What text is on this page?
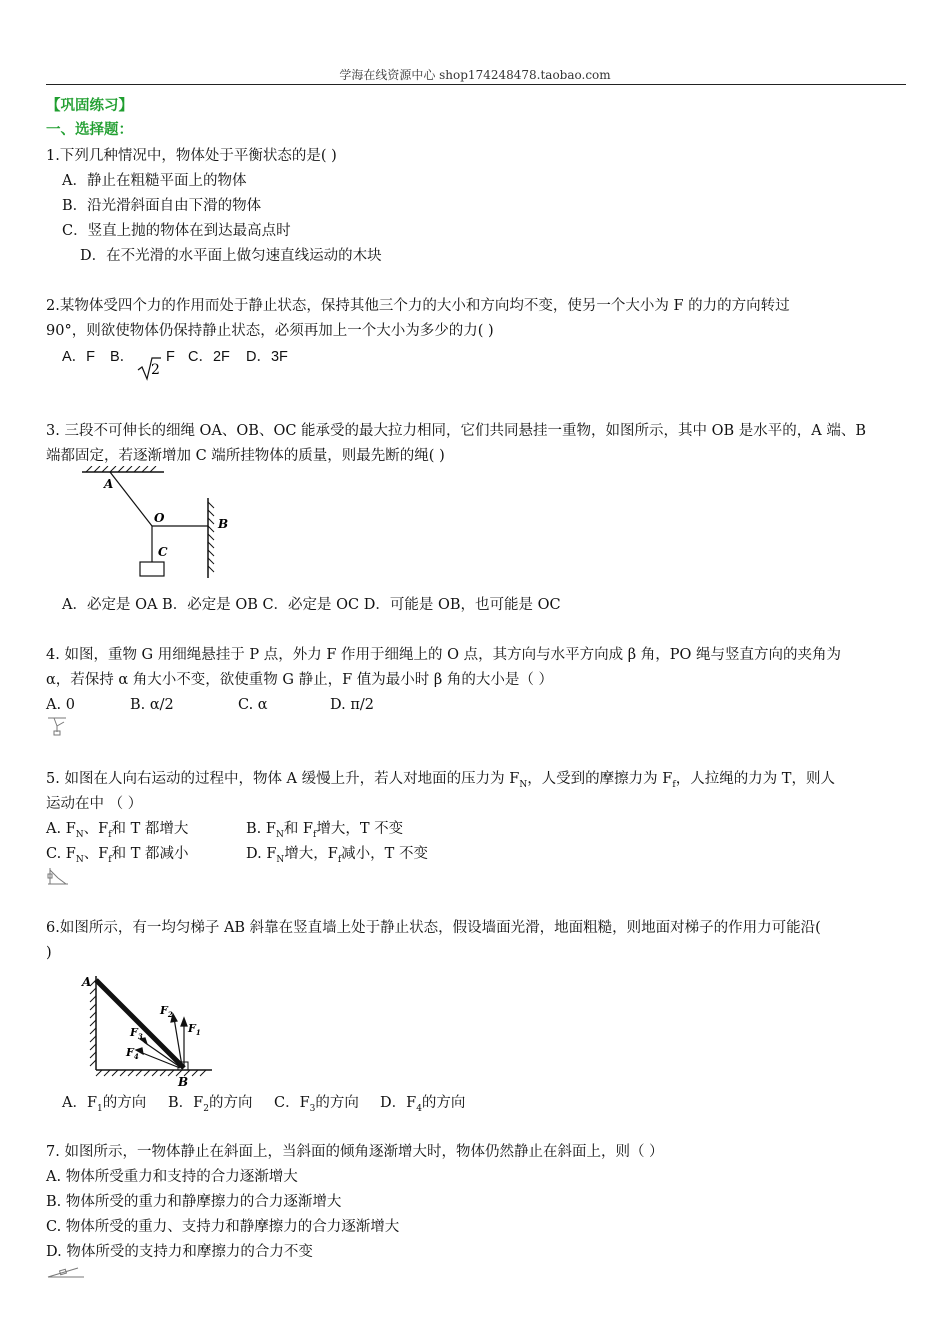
学海在线资源中心 shop174248478.taobao.com
【巩固练习】
一、选择题：
1.下列几种情况中，物体处于平衡状态的是( )
A．静止在粗糙平面上的物体
B．沿光滑斜面自由下滑的物体
C．竖直上抛的物体在到达最高点时
D．在不光滑的水平面上做匀速直线运动的木块
2.某物体受四个力的作用而处于静止状态，保持其他三个力的大小和方向均不变，使另一个大小为 F 的力的方向转过
90°，则欲使物体仍保持静止状态，必须再加上一个大小为多少的力( )
A．F B．
2
F C．2F D．3F
3. 三段不可伸长的细绳 OA、OB、OC 能承受的最大拉力相同，它们共同悬挂一重物，如图所示，其中 OB 是水平的，A 端、B
端都固定，若逐渐增加 C 端所挂物体的质量，则最先断的绳( )
A
O	B
C
A．必定是 OA B．必定是 OB C．必定是 OC D．可能是 OB，也可能是 OC
4. 如图，重物 G 用细绳悬挂于 P 点，外力 F 作用于细绳上的 O 点，其方向与水平方向成 β 角，PO 绳与竖直方向的夹角为
α，若保持 α 角大小不变，欲使重物 G 静止，F 值为最小时 β 角的大小是（ ）
A. 0	B. α/2	C. α	D. π/2
5. 如图在人向右运动的过程中，物体 A 缓慢上升，若人对地面的压力为 $F_N$，人受到的摩擦力为 $F_f$，人拉绳的力为 T，则人
运动在中 （ ）
A. $F_N$、$F_f$和 T 都增大	B. $F_N$和 $F_f$增大，T 不变
C. $F_N$、$F_f$和 T 都减小	D. $F_N$增大，$F_f$减小，T 不变
6.如图所示，有一均匀梯子 AB 斜靠在竖直墙上处于静止状态，假设墙面光滑，地面粗糙，则地面对梯子的作用力可能沿(
)
A
B
$F_1$
$F_2$
$F_3$
$F_4$
A．$F_1$的方向 B．$F_2$的方向 C．$F_3$的方向 D．$F_4$的方向
7. 如图所示，一物体静止在斜面上，当斜面的倾角逐渐增大时，物体仍然静止在斜面上，则（ ）
A. 物体所受重力和支持的合力逐渐增大
B. 物体所受的重力和静摩擦力的合力逐渐增大
C. 物体所受的重力、支持力和静摩擦力的合力逐渐增大
D. 物体所受的支持力和摩擦力的合力不变
